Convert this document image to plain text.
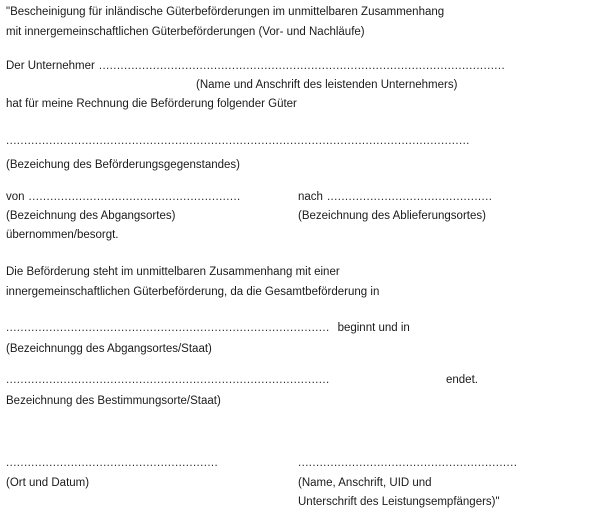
"Bescheinigung für inländische Güterbeförderungen im unmittelbaren Zusammenhang
mit innergemeinschaftlichen Güterbeförderungen (Vor- und Nachläufe)
Der Unternehmer .................................................................................................................
(Name und Anschrift des leistenden Unternehmers)
hat für meine Rechnung die Beförderung folgender Güter
.................................................................................................................................
(Bezeichung des Beförderungsgegenstandes)
von ...........................................................	nach ..............................................
(Bezeichnung des Abgangsortes)	(Bezeichnung des Ablieferungsortes)
übernommen/besorgt.
Die Beförderung steht im unmittelbaren Zusammenhang mit einer
innergemeinschaftlichen Güterbeförderung, da die Gesamtbeförderung in
.......................................................................................... beginnt und in
(Bezeichnungg des Abgangsortes/Staat)
..........................................................................................	endet.
Bezeichnung des Bestimmungsorte/Staat)
...........................................................	.............................................................
(Ort und Datum)	(Name, Anschrift, UID und
Unterschrift des Leistungsempfängers)"
